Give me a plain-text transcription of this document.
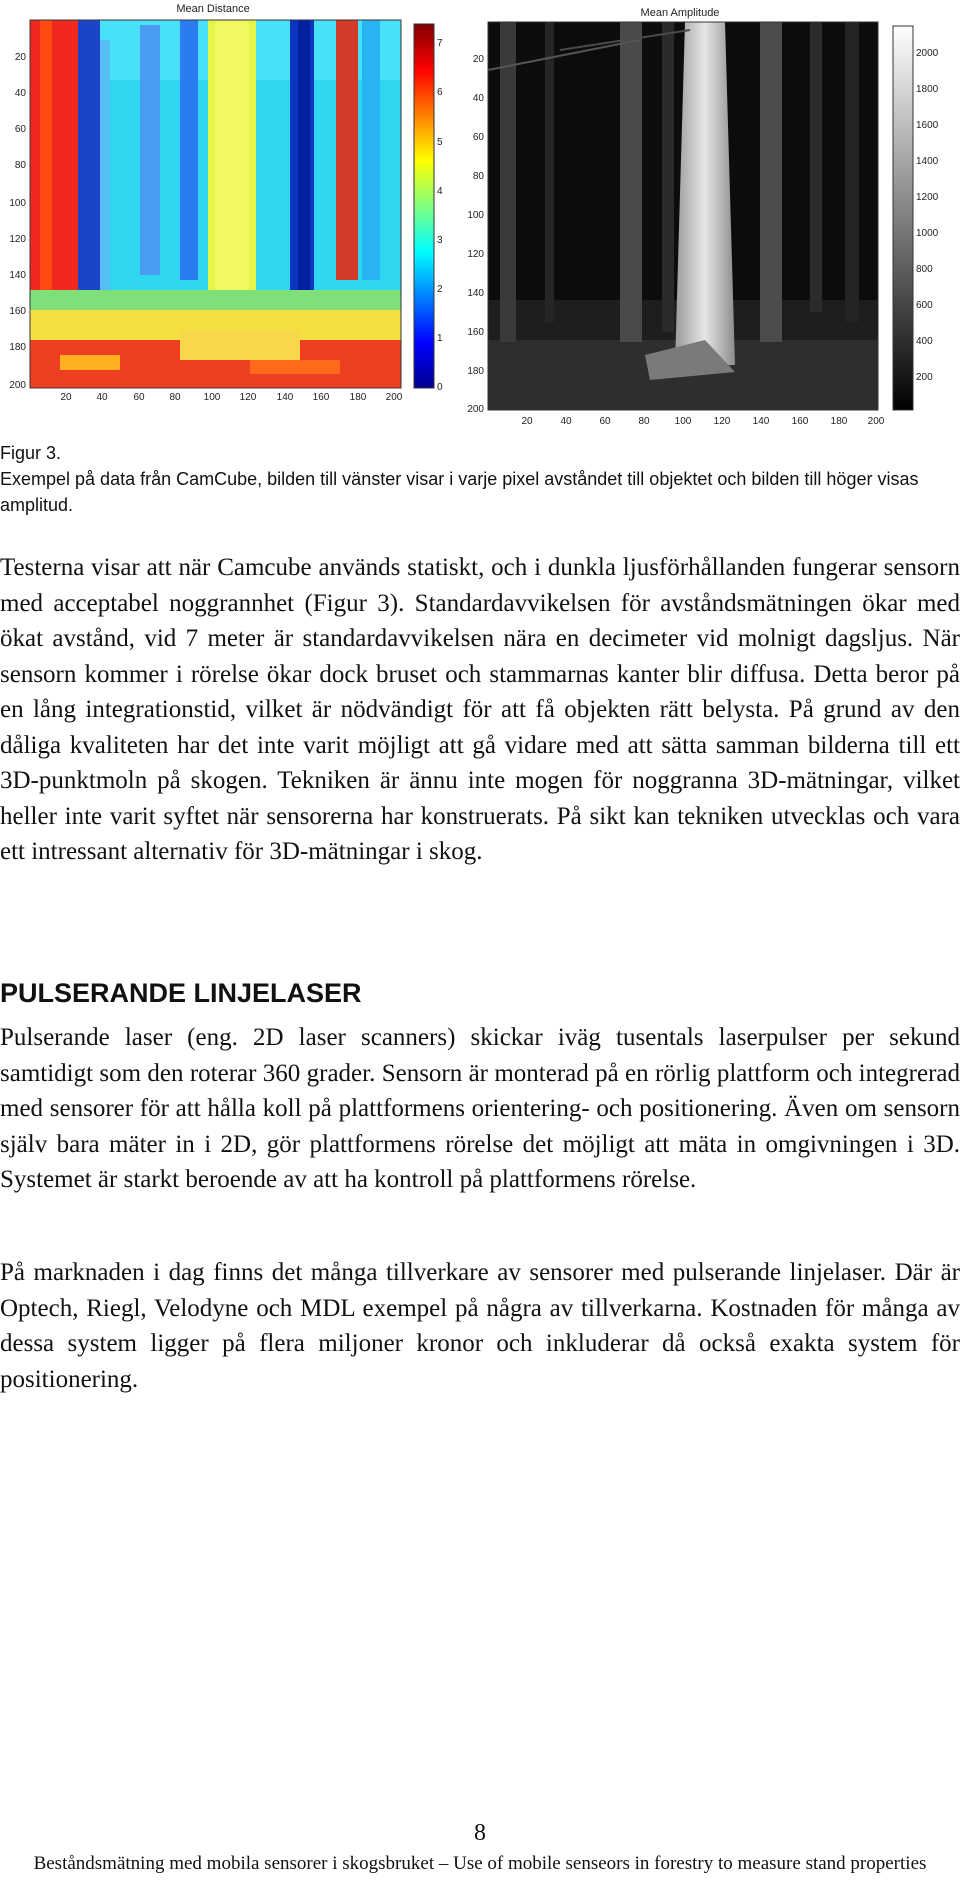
Mean Distance
20
40
60
80
100
120
140
160
180
200
20 40	60 80 100 120 140 160 180 200
7
6
5
4
3
2
1
0
Mean Amplitude
20
40
60
80
100
120
140
160
180
200
20	40	60	80	100 120 140 160 180 200
2000
1800
1600
1400
1200
1000
800
600
400
200
Figur 3.
Exempel på data från CamCube, bilden till vänster visar i varje pixel avståndet till objektet och bilden till höger visas amplitud.

Testerna visar att när Camcube används statiskt, och i dunkla ljusförhållanden fungerar sensorn med acceptabel noggrannhet (Figur 3). Standardavvikelsen för avståndsmätningen ökar med ökat avstånd, vid 7 meter är standardavvikelsen nära en decimeter vid molnigt dagsljus. När sensorn kommer i rörelse ökar dock bruset och stammarnas kanter blir diffusa. Detta beror på en lång integrationstid, vilket är nödvändigt för att få objekten rätt belysta. På grund av den dåliga kvaliteten har det inte varit möjligt att gå vidare med att sätta samman bilderna till ett 3D-punktmoln på skogen. Tekniken är ännu inte mogen för noggranna 3D-mätningar, vilket heller inte varit syftet när sensorerna har konstruerats. På sikt kan tekniken utvecklas och vara ett intressant alternativ för 3D-mätningar i skog.

PULSERANDE LINJELASER

Pulserande laser (eng. 2D laser scanners) skickar iväg tusentals laserpulser per sekund samtidigt som den roterar 360 grader. Sensorn är monterad på en rörlig plattform och integrerad med sensorer för att hålla koll på plattformens orientering- och positionering. Även om sensorn själv bara mäter in i 2D, gör plattformens rörelse det möjligt att mäta in omgivningen i 3D. Systemet är starkt beroende av att ha kontroll på plattformens rörelse.

På marknaden i dag finns det många tillverkare av sensorer med pulserande linjelaser. Där är Optech, Riegl, Velodyne och MDL exempel på några av tillverkarna. Kostnaden för många av dessa system ligger på flera miljoner kronor och inkluderar då också exakta system för positionering.

8
Beståndsmätning med mobila sensorer i skogsbruket – Use of mobile senseors in forestry to measure stand properties
